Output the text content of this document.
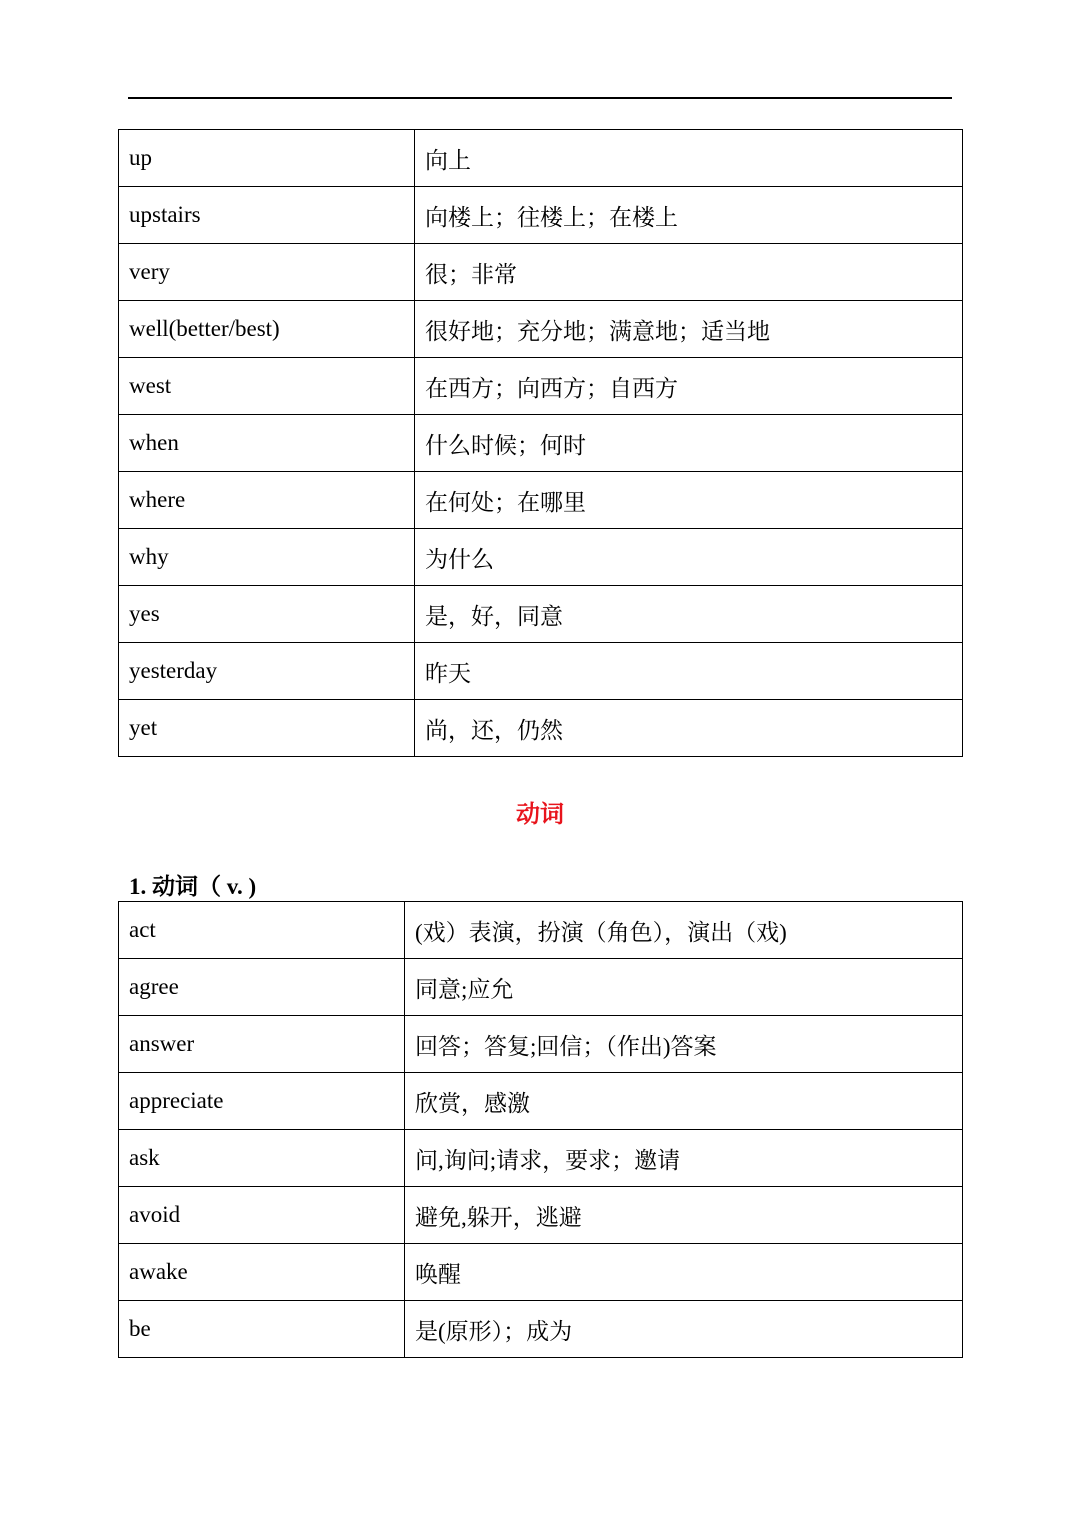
up	向上
upstairs	向楼上；往楼上；在楼上
very	很；非常
well(better/best)	很好地；充分地；满意地；适当地
west	在西方；向西方；自西方
when	什么时候；何时
where	在何处；在哪里
why	为什么
yes	是，好，同意
yesterday	昨天
yet	尚，还，仍然
动词
1. 动词（ v. )
act	(戏）表演，扮演（角色），演出（戏)
agree	同意;应允
answer	回答；答复;回信；（作出)答案
appreciate	欣赏，感激
ask	问,询问;请求，要求；邀请
avoid	避免,躲开，逃避
awake	唤醒
be	是(原形）；成为
